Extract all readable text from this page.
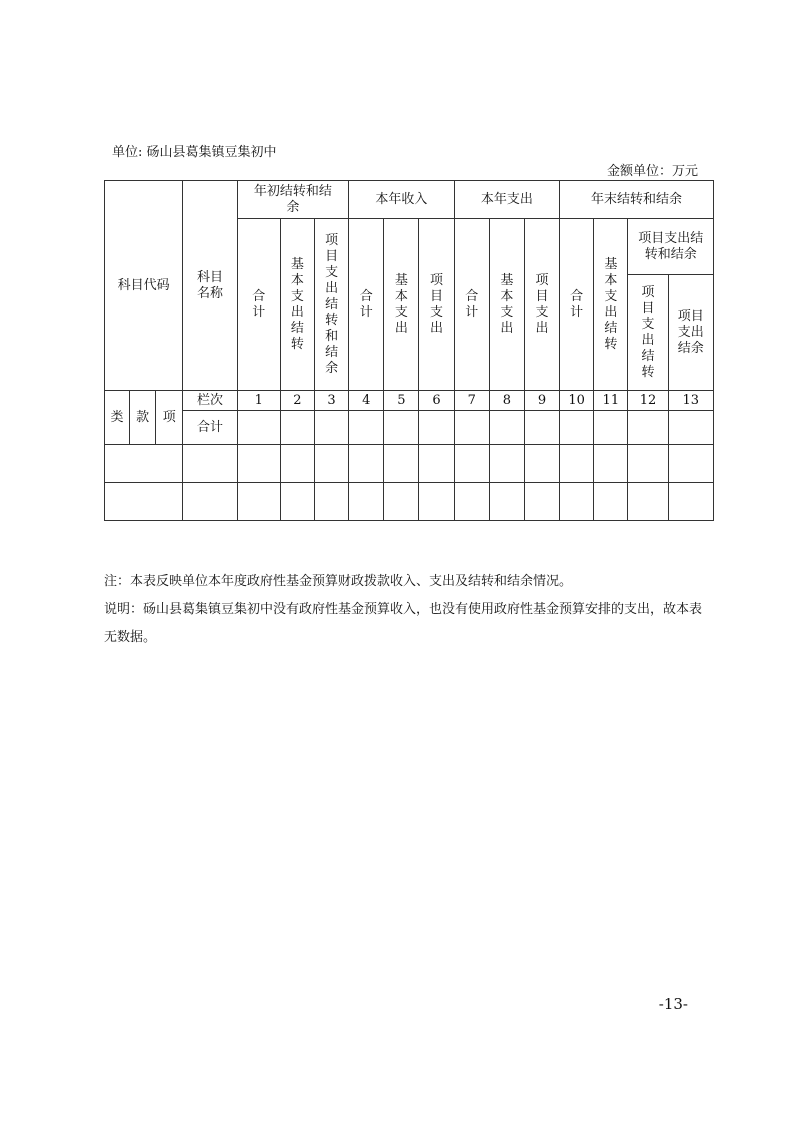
单位: 砀山县葛集镇豆集初中
金额单位：万元
科目代码			科目名称	年初结转和结余			本年收入			本年支出			年末结转和结余			

				合计	基本支出结转	项目支出结转和结余	合计	基本支出	项目支出	合计	基本支出	项目支出	合计	基本支出结转	项目支出结转和结余	

															项目支出结转	项目支出结余

类	款	项	栏次	1	2	3	4	5	6	7	8	9	10	11	12	13
			合计													

注：本表反映单位本年度政府性基金预算财政拨款收入、支出及结转和结余情况。
说明：砀山县葛集镇豆集初中没有政府性基金预算收入，也没有使用政府性基金预算安排的支出，故本表无数据。
-13-
